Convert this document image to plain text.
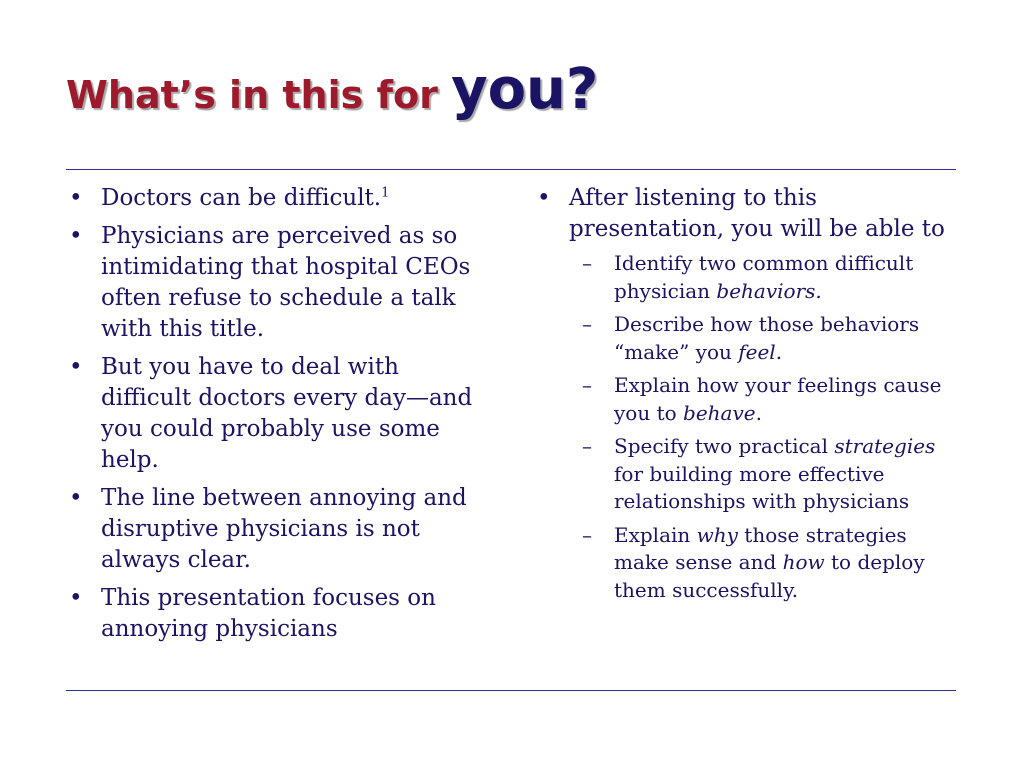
What’s in this for you?
• Doctors can be difficult.$^1$
• Physicians are perceived as so intimidating that hospital CEOs often refuse to schedule a talk with this title.
• But you have to deal with difficult doctors every day—and you could probably use some help.
• The line between annoying and disruptive physicians is not always clear.
• This presentation focuses on annoying physicians
• After listening to this presentation, you will be able to
– Identify two common difficult physician behaviors.
– Describe how those behaviors “make” you feel.
– Explain how your feelings cause you to behave.
– Specify two practical strategies for building more effective relationships with physicians
– Explain why those strategies make sense and how to deploy them successfully.
